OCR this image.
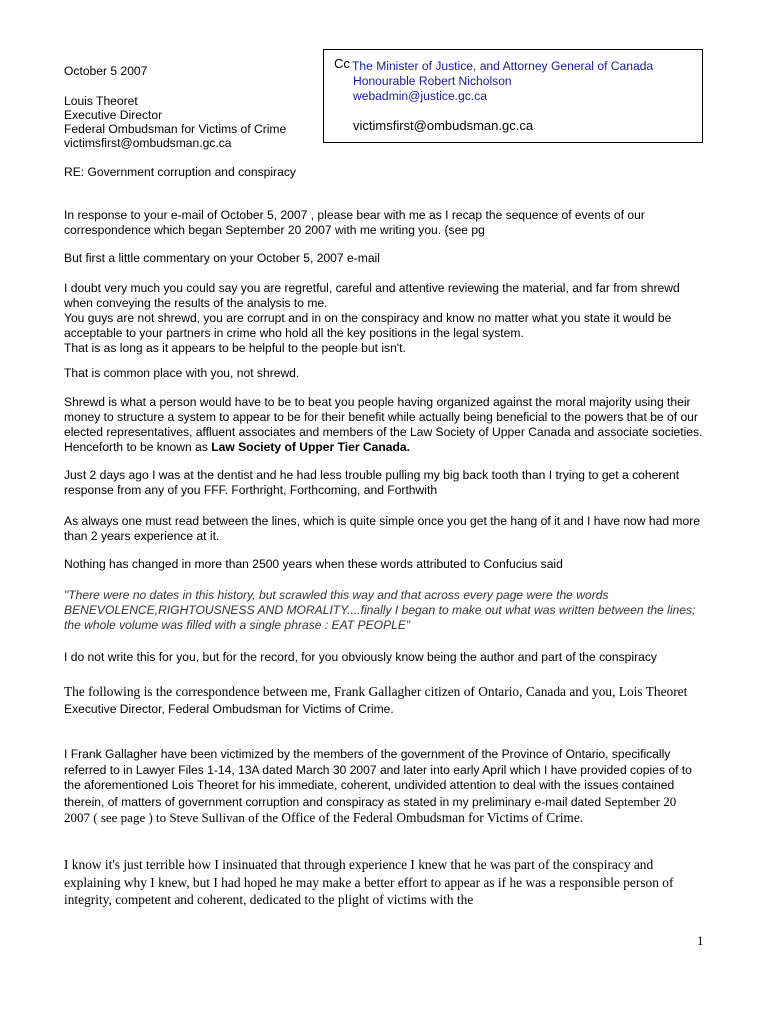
October 5 2007
Louis Theoret
Executive Director
Federal Ombudsman for Victims of Crime
victimsfirst@ombudsman.gc.ca
Cc The Minister of Justice, and Attorney General of Canada
Honourable Robert Nicholson
webadmin@justice.gc.ca
victimsfirst@ombudsman.gc.ca
RE: Government corruption and conspiracy

In response to your e-mail of October 5, 2007 , please bear with me as I recap the sequence of events of our correspondence which began September 20 2007 with me writing you. (see pg

But first a little commentary on your October 5, 2007 e-mail

I doubt very much you could say you are regretful, careful and attentive reviewing the material, and far from shrewd when conveying the results of the analysis to me.
You guys are not shrewd, you are corrupt and in on the conspiracy and know no matter what you state it would be acceptable to your partners in crime who hold all the key positions in the legal system.
That is as long as it appears to be helpful to the people but isn't.

That is common place with you, not shrewd.

Shrewd is what a person would have to be to beat you people having organized against the moral majority using their money to structure a system to appear to be for their benefit while actually being beneficial to the powers that be of our elected representatives, affluent associates and members of the Law Society of Upper Canada and associate societies. Henceforth to be known as Law Society of Upper Tier Canada.

Just 2 days ago I was at the dentist and he had less trouble pulling my big back tooth than I trying to get a coherent response from any of you FFF. Forthright, Forthcoming, and Forthwith

As always one must read between the lines, which is quite simple once you get the hang of it and I have now had more than 2 years experience at it.

Nothing has changed in more than 2500 years when these words attributed to Confucius said

"There were no dates in this history, but scrawled this way and that across every page were the words BENEVOLENCE,RIGHTOUSNESS AND MORALITY....finally I began to make out what was written between the lines; the whole volume was filled with a single phrase : EAT PEOPLE"

I do not write this for you, but for the record, for you obviously know being the author and part of the conspiracy

The following is the correspondence between me, Frank Gallagher citizen of Ontario, Canada and you, Lois Theoret Executive Director, Federal Ombudsman for Victims of Crime.

I Frank Gallagher have been victimized by the members of the government of the Province of Ontario, specifically referred to in Lawyer Files 1-14, 13A dated March 30 2007 and later into early April which I have provided copies of to the aforementioned Lois Theoret for his immediate, coherent, undivided attention to deal with the issues contained therein, of matters of government corruption and conspiracy as stated in my preliminary e-mail dated September 20 2007 ( see page ) to Steve Sullivan of the Office of the Federal Ombudsman for Victims of Crime.

I know it's just terrible how I insinuated that through experience I knew that he was part of the conspiracy and explaining why I knew, but I had hoped he may make a better effort to appear as if he was a responsible person of integrity, competent and coherent, dedicated to the plight of victims with the

1
